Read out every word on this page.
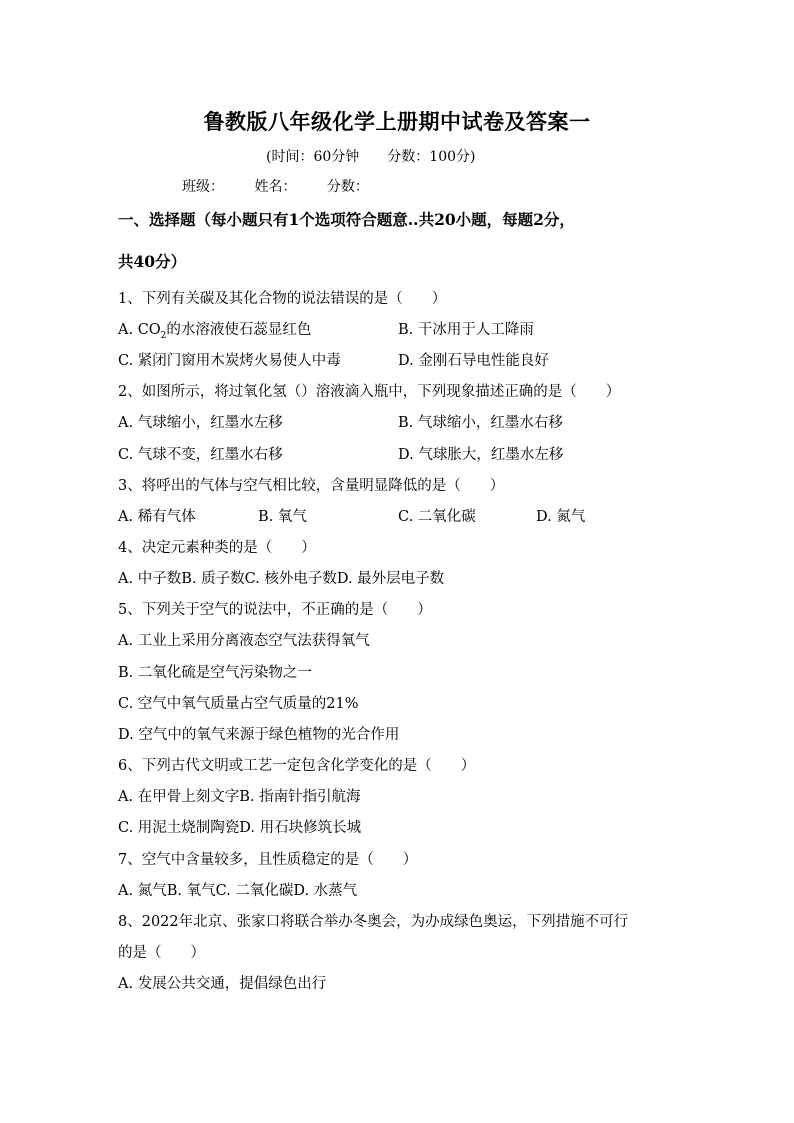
鲁教版八年级化学上册期中试卷及答案一
(时间：60分钟 分数：100分)
班级： 姓名： 分数：
一、选择题（每小题只有1个选项符合题意..共20小题，每题2分，
共40分）
1、下列有关碳及其化合物的说法错误的是（　　）
A. $CO_2$的水溶液使石蕊显红色	B. 干冰用于人工降雨
C. 紧闭门窗用木炭烤火易使人中毒	D. 金刚石导电性能良好
2、如图所示，将过氧化氢（）溶液滴入瓶中，下列现象描述正确的是（　　）
A. 气球缩小，红墨水左移	B. 气球缩小，红墨水右移
C. 气球不变，红墨水右移	D. 气球胀大，红墨水左移
3、将呼出的气体与空气相比较，含量明显降低的是（　　）
A. 稀有气体	B. 氧气	C. 二氧化碳	D. 氮气
4、决定元素种类的是（　　）
A. 中子数B. 质子数C. 核外电子数D. 最外层电子数
5、下列关于空气的说法中，不正确的是（　　）
A. 工业上采用分离液态空气法获得氧气
B. 二氧化硫是空气污染物之一
C. 空气中氧气质量占空气质量的21%
D. 空气中的氧气来源于绿色植物的光合作用
6、下列古代文明或工艺一定包含化学变化的是（　　）
A. 在甲骨上刻文字B. 指南针指引航海
C. 用泥土烧制陶瓷D. 用石块修筑长城
7、空气中含量较多，且性质稳定的是（　　）
A. 氮气B. 氧气C. 二氧化碳D. 水蒸气
8、2022年北京、张家口将联合举办冬奥会，为办成绿色奥运，下列措施不可行
的是（　　）
A. 发展公共交通，提倡绿色出行
